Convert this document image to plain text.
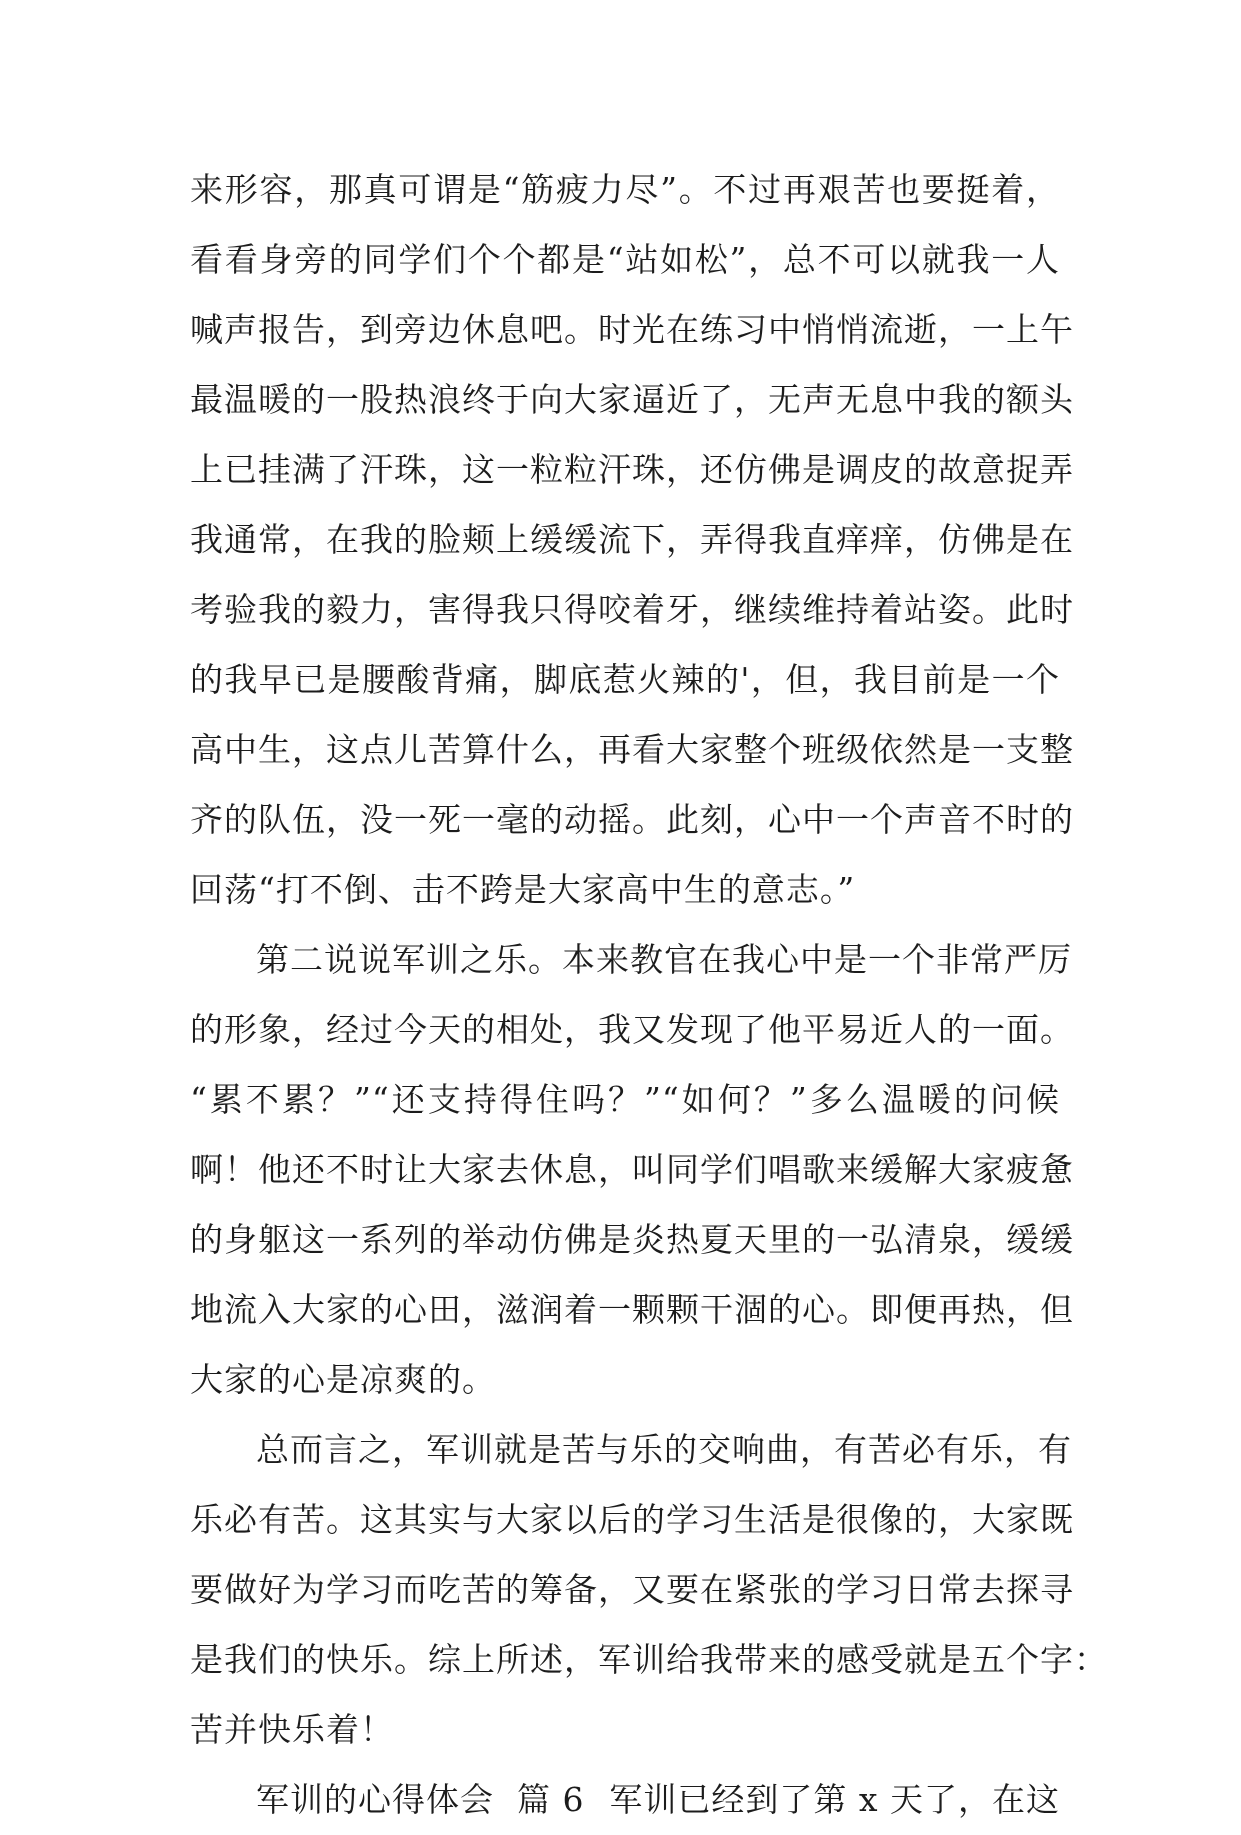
来形容，那真可谓是“筋疲力尽”。不过再艰苦也要挺着，
看看身旁的同学们个个都是“站如松”，总不可以就我一人
喊声报告，到旁边休息吧。时光在练习中悄悄流逝，一上午
最温暖的一股热浪终于向大家逼近了，无声无息中我的额头
上已挂满了汗珠，这一粒粒汗珠，还仿佛是调皮的故意捉弄
我通常，在我的脸颊上缓缓流下，弄得我直痒痒，仿佛是在
考验我的毅力，害得我只得咬着牙，继续维持着站姿。此时
的我早已是腰酸背痛，脚底惹火辣的'，但，我目前是一个
高中生，这点儿苦算什么，再看大家整个班级依然是一支整
齐的队伍，没一死一毫的动摇。此刻，心中一个声音不时的
回荡“打不倒、击不跨是大家高中生的意志。”
第二说说军训之乐。本来教官在我心中是一个非常严厉
的形象，经过今天的相处，我又发现了他平易近人的一面。
“累不累？”“还支持得住吗？”“如何？”多么温暖的问候
啊！他还不时让大家去休息，叫同学们唱歌来缓解大家疲惫
的身躯这一系列的举动仿佛是炎热夏天里的一弘清泉，缓缓
地流入大家的心田，滋润着一颗颗干涸的心。即便再热，但
大家的心是凉爽的。
总而言之，军训就是苦与乐的交响曲，有苦必有乐，有
乐必有苦。这其实与大家以后的学习生活是很像的，大家既
要做好为学习而吃苦的筹备，又要在紧张的学习日常去探寻
是我们的快乐。综上所述，军训给我带来的感受就是五个字：
苦并快乐着！
军训的心得体会 篇 6 军训已经到了第 x 天了，在这
